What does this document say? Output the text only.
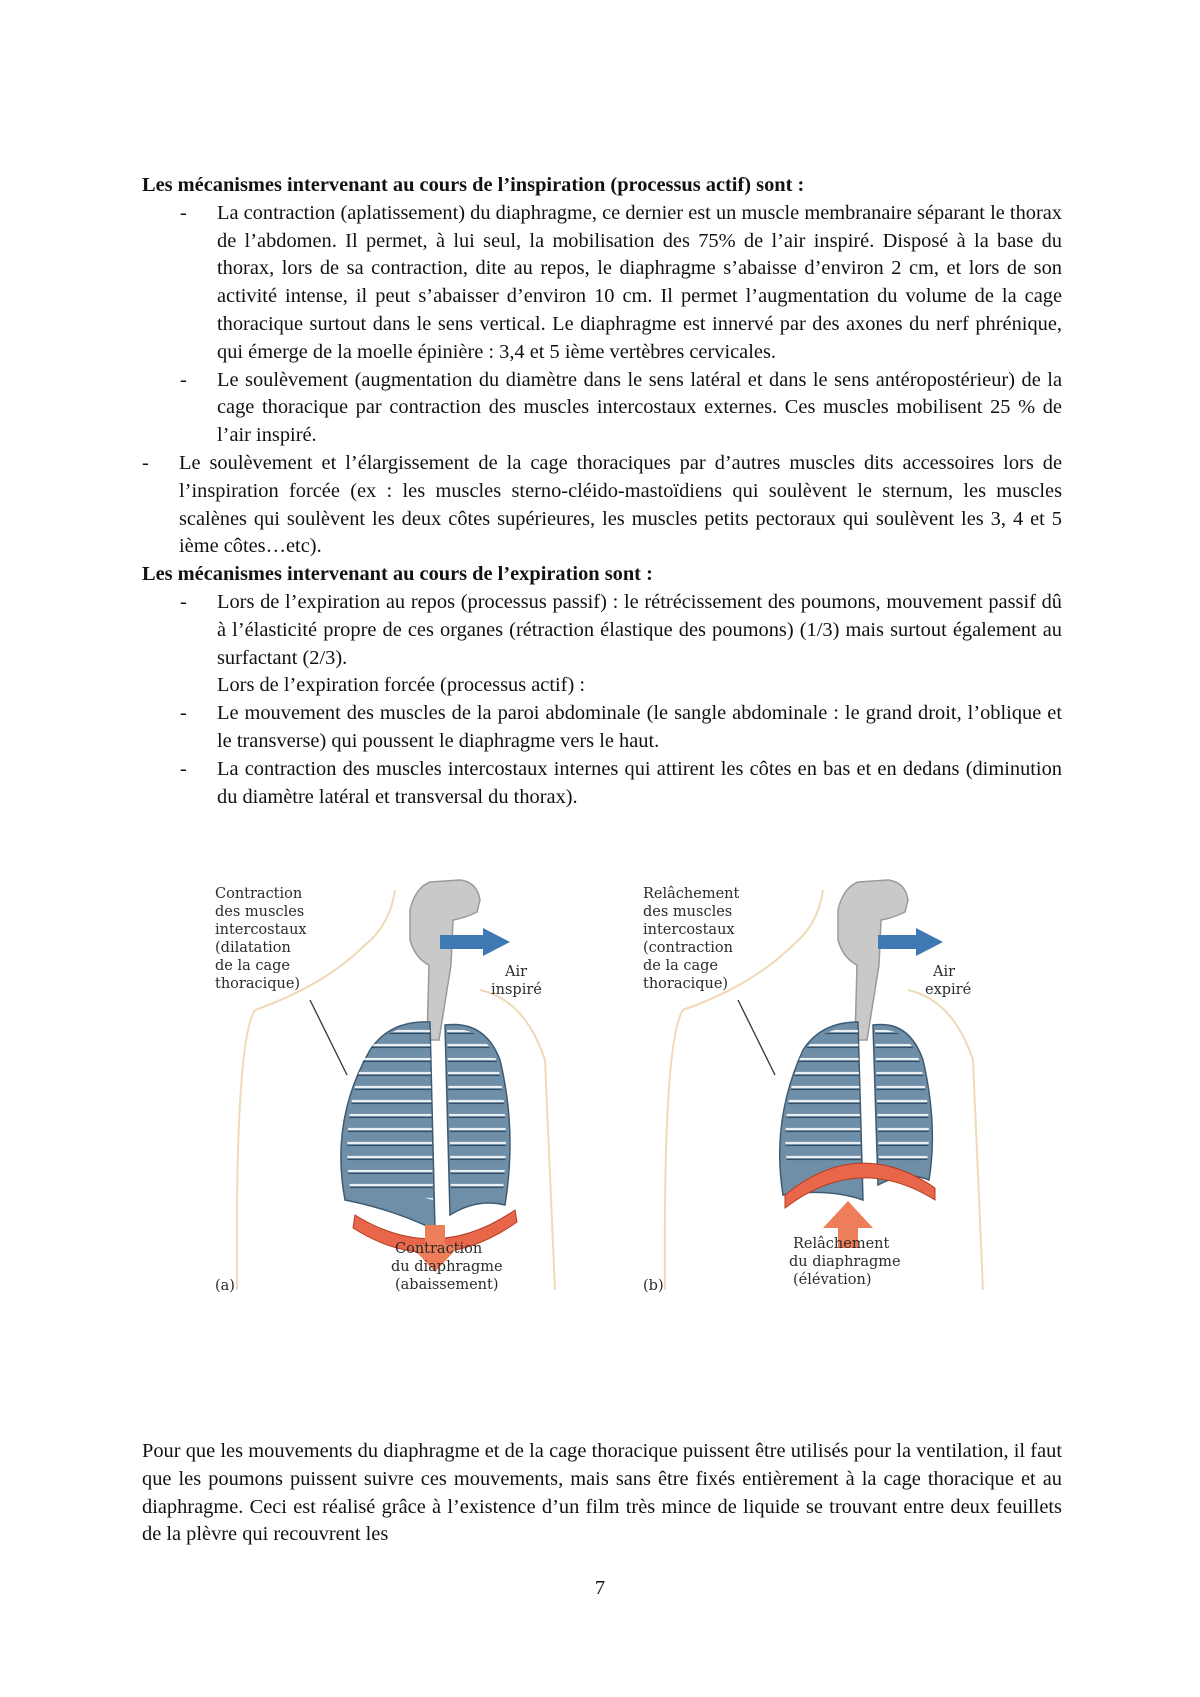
Les mécanismes intervenant au cours de l’inspiration (processus actif) sont :

- La contraction (aplatissement) du diaphragme, ce dernier est un muscle membranaire séparant le thorax de l’abdomen. Il permet, à lui seul, la mobilisation des 75% de l’air inspiré. Disposé à la base du thorax, lors de sa contraction, dite au repos, le diaphragme s’abaisse d’environ 2 cm, et lors de son activité intense, il peut s’abaisser d’environ 10 cm. Il permet l’augmentation du volume de la cage thoracique surtout dans le sens vertical. Le diaphragme est innervé par des axones du nerf phrénique, qui émerge de la moelle épinière : 3,4 et 5 ième vertèbres cervicales.
- Le soulèvement (augmentation du diamètre dans le sens latéral et dans le sens antéropostérieur) de la cage thoracique par contraction des muscles intercostaux externes. Ces muscles mobilisent 25 % de l’air inspiré.
- Le soulèvement et l’élargissement de la cage thoraciques par d’autres muscles dits accessoires lors de l’inspiration forcée (ex : les muscles sterno-cléido-mastoïdiens qui soulèvent le sternum, les muscles scalènes qui soulèvent les deux côtes supérieures, les muscles petits pectoraux qui soulèvent les 3, 4 et 5 ième côtes…etc).

Les mécanismes intervenant au cours de l’expiration sont :

- Lors de l’expiration au repos (processus passif) : le rétrécissement des poumons, mouvement passif dû à l’élasticité propre de ces organes (rétraction élastique des poumons) (1/3) mais surtout également au surfactant (2/3).
Lors de l’expiration forcée (processus actif) :
- Le mouvement des muscles de la paroi abdominale (le sangle abdominale : le grand droit, l’oblique et le transverse) qui poussent le diaphragme vers le haut.
- La contraction des muscles intercostaux internes qui attirent les côtes en bas et en dedans (diminution du diamètre latéral et transversal du thorax).
Contraction des muscles intercostaux (dilatation de la cage thoracique)
Air inspiré
Contraction du diaphragme (abaissement)
(a)
Relâchement des muscles intercostaux (contraction de la cage thoracique)
Air expiré
Relâchement du diaphragme (élévation)
(b)

Pour que les mouvements du diaphragme et de la cage thoracique puissent être utilisés pour la ventilation, il faut que les poumons puissent suivre ces mouvements, mais sans être fixés entièrement à la cage thoracique et au diaphragme. Ceci est réalisé grâce à l’existence d’un film très mince de liquide se trouvant entre deux feuillets de la plèvre qui recouvrent les

7
